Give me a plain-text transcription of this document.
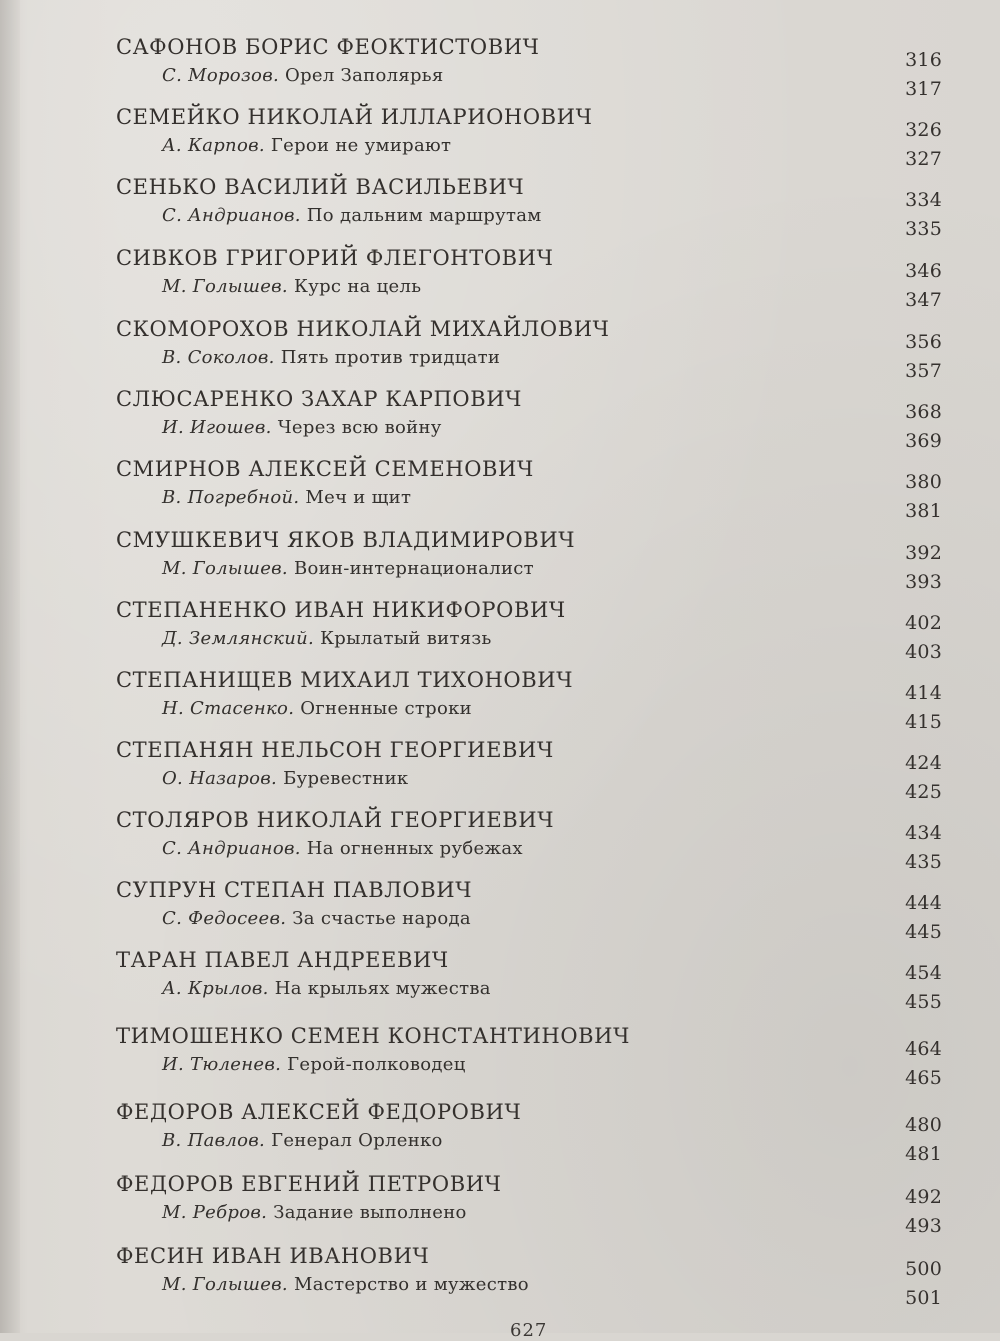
САФОНОВ БОРИС ФЕОКТИСТОВИЧ
С. Морозов. Орел Заполярья
316
317
СЕМЕЙКО НИКОЛАЙ ИЛЛАРИОНОВИЧ
А. Карпов. Герои не умирают
326
327
СЕНЬКО ВАСИЛИЙ ВАСИЛЬЕВИЧ
С. Андрианов. По дальним маршрутам
334
335
СИВКОВ ГРИГОРИЙ ФЛЕГОНТОВИЧ
М. Голышев. Курс на цель
346
347
СКОМОРОХОВ НИКОЛАЙ МИХАЙЛОВИЧ
В. Соколов. Пять против тридцати
356
357
СЛЮСАРЕНКО ЗАХАР КАРПОВИЧ
И. Игошев. Через всю войну
368
369
СМИРНОВ АЛЕКСЕЙ СЕМЕНОВИЧ
В. Погребной. Меч и щит
380
381
СМУШКЕВИЧ ЯКОВ ВЛАДИМИРОВИЧ
М. Голышев. Воин-интернационалист
392
393
СТЕПАНЕНКО ИВАН НИКИФОРОВИЧ
Д. Землянский. Крылатый витязь
402
403
СТЕПАНИЩЕВ МИХАИЛ ТИХОНОВИЧ
Н. Стасенко. Огненные строки
414
415
СТЕПАНЯН НЕЛЬСОН ГЕОРГИЕВИЧ
О. Назаров. Буревестник
424
425
СТОЛЯРОВ НИКОЛАЙ ГЕОРГИЕВИЧ
С. Андрианов. На огненных рубежах
434
435
СУПРУН СТЕПАН ПАВЛОВИЧ
С. Федосеев. За счастье народа
444
445
ТАРАН ПАВЕЛ АНДРЕЕВИЧ
А. Крылов. На крыльях мужества
454
455
ТИМОШЕНКО СЕМЕН КОНСТАНТИНОВИЧ
И. Тюленев. Герой-полководец
464
465
ФЕДОРОВ АЛЕКСЕЙ ФЕДОРОВИЧ
В. Павлов. Генерал Орленко
480
481
ФЕДОРОВ ЕВГЕНИЙ ПЕТРОВИЧ
М. Ребров. Задание выполнено
492
493
ФЕСИН ИВАН ИВАНОВИЧ
М. Голышев. Мастерство и мужество
500
501
627
